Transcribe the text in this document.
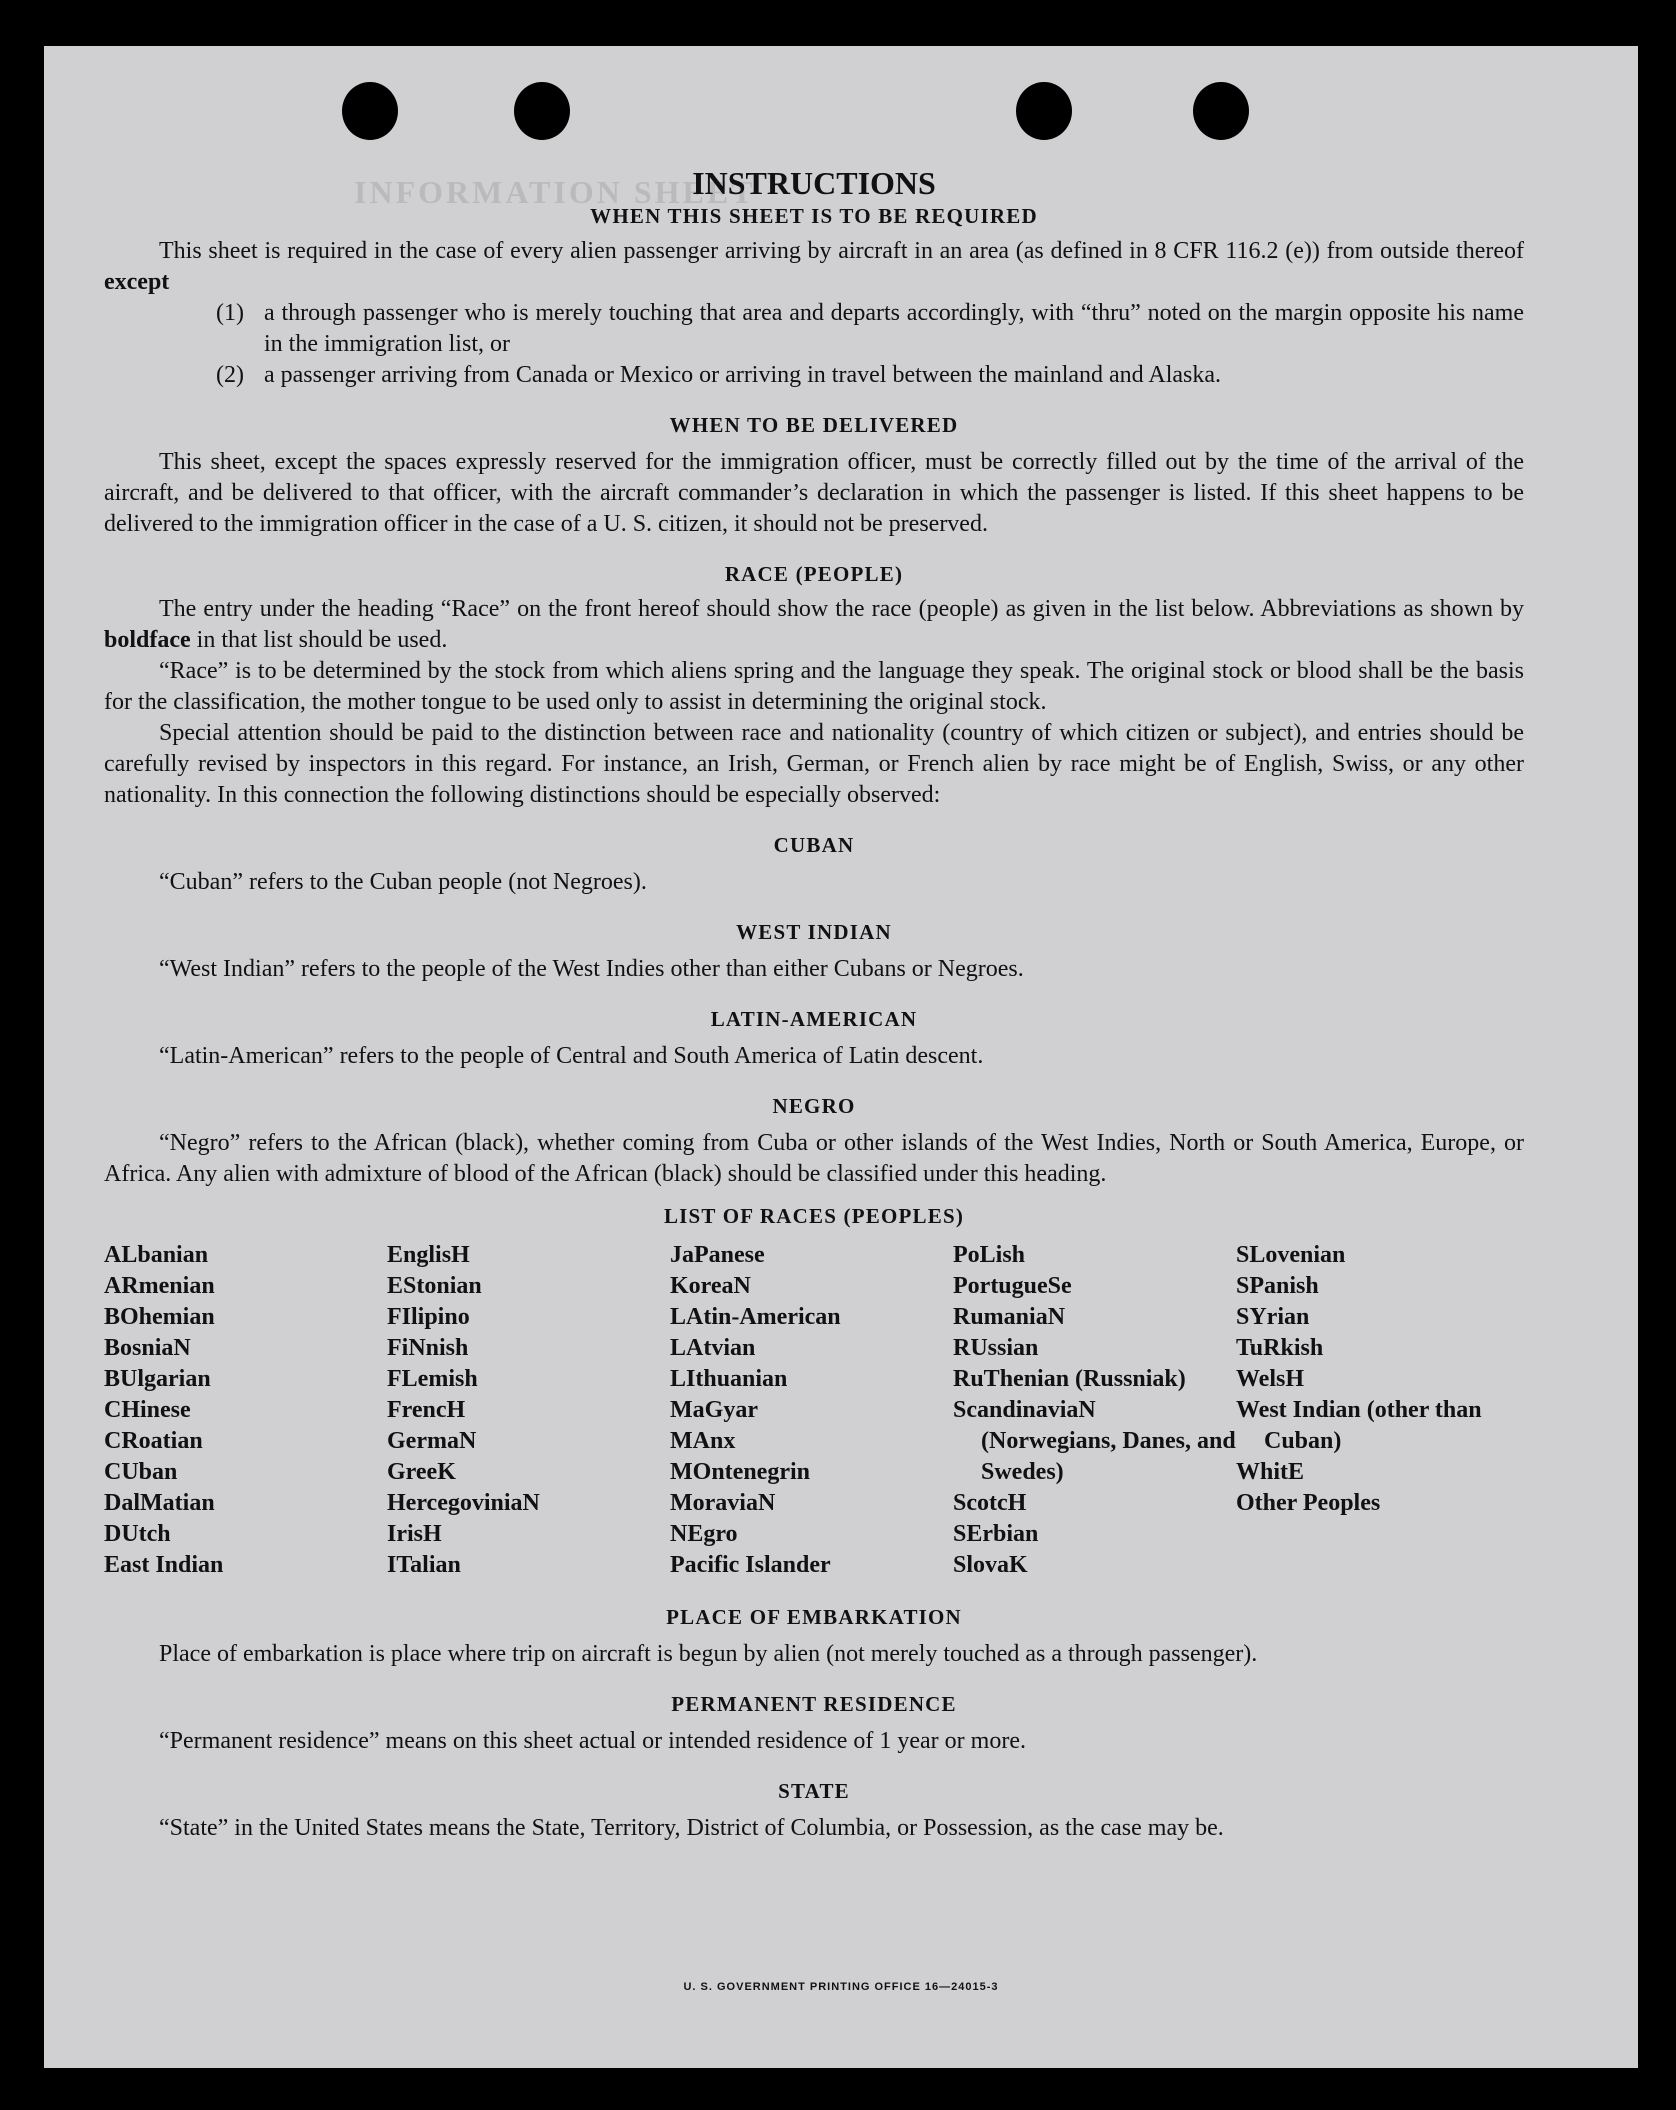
INFORMATION SHEET
INSTRUCTIONS
WHEN THIS SHEET IS TO BE REQUIRED

This sheet is required in the case of every alien passenger arriving by aircraft in an area (as defined in 8 CFR 116.2 (e)) from outside thereof except

(1) a through passenger who is merely touching that area and departs accordingly, with “thru” noted on the margin opposite his name in the immigration list, or
(2) a passenger arriving from Canada or Mexico or arriving in travel between the mainland and Alaska.
WHEN TO BE DELIVERED

This sheet, except the spaces expressly reserved for the immigration officer, must be correctly filled out by the time of the arrival of the aircraft, and be delivered to that officer, with the aircraft commander’s declaration in which the passenger is listed. If this sheet happens to be delivered to the immigration officer in the case of a U. S. citizen, it should not be preserved.

RACE (PEOPLE)

The entry under the heading “Race” on the front hereof should show the race (people) as given in the list below. Abbreviations as shown by boldface in that list should be used.

“Race” is to be determined by the stock from which aliens spring and the language they speak. The original stock or blood shall be the basis for the classification, the mother tongue to be used only to assist in determining the original stock.

Special attention should be paid to the distinction between race and nationality (country of which citizen or subject), and entries should be carefully revised by inspectors in this regard. For instance, an Irish, German, or French alien by race might be of English, Swiss, or any other nationality. In this connection the following distinctions should be especially observed:

CUBAN

“Cuban” refers to the Cuban people (not Negroes).

WEST INDIAN

“West Indian” refers to the people of the West Indies other than either Cubans or Negroes.

LATIN-AMERICAN

“Latin-American” refers to the people of Central and South America of Latin descent.

NEGRO

“Negro” refers to the African (black), whether coming from Cuba or other islands of the West Indies, North or South America, Europe, or Africa. Any alien with admixture of blood of the African (black) should be classified under this heading.

LIST OF RACES (PEOPLES)
ALbanian
ARmenian
BOhemian
BosniaN
BUlgarian
CHinese
CRoatian
CUban
DalMatian
DUtch
East Indian
EnglisH
EStonian
FIlipino
FiNnish
FLemish
FrencH
GermaN
GreeK
HercegoviniaN
IrisH
ITalian
JaPanese
KoreaN
LAtin-American
LAtvian
LIthuanian
MaGyar
MAnx
MOntenegrin
MoraviaN
NEgro
Pacific Islander
PoLish
PortugueSe
RumaniaN
RUssian
RuThenian (Russniak)
ScandinaviaN (Norwegians, Danes, and Swedes)
ScotcH
SErbian
SlovaK
SLovenian
SPanish
SYrian
TuRkish
WelsH
West Indian (other than Cuban)
WhitE
Other Peoples
PLACE OF EMBARKATION

Place of embarkation is place where trip on aircraft is begun by alien (not merely touched as a through passenger).

PERMANENT RESIDENCE

“Permanent residence” means on this sheet actual or intended residence of 1 year or more.

STATE

“State” in the United States means the State, Territory, District of Columbia, or Possession, as the case may be.

U. S. GOVERNMENT PRINTING OFFICE 16—24015-3
